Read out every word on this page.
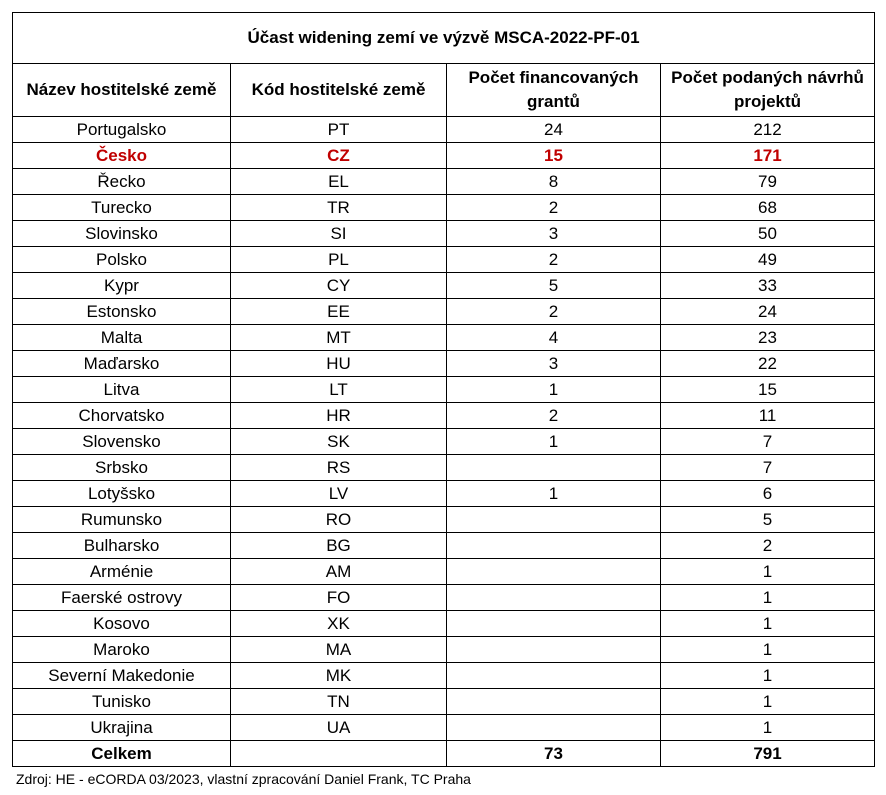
Účast widening zemí ve výzvě MSCA-2022-PF-01			
Název hostitelské země	Kód hostitelské země	Počet financovaných grantů	Počet podaných návrhů projektů
Portugalsko	PT	24	212
Česko	CZ	15	171
Řecko	EL	8	79
Turecko	TR	2	68
Slovinsko	SI	3	50
Polsko	PL	2	49
Kypr	CY	5	33
Estonsko	EE	2	24
Malta	MT	4	23
Maďarsko	HU	3	22
Litva	LT	1	15
Chorvatsko	HR	2	11
Slovensko	SK	1	7
Srbsko	RS		7
Lotyšsko	LV	1	6
Rumunsko	RO		5
Bulharsko	BG		2
Arménie	AM		1
Faerské ostrovy	FO		1
Kosovo	XK		1
Maroko	MA		1
Severní Makedonie	MK		1
Tunisko	TN		1
Ukrajina	UA		1
Celkem		73	791
Zdroj: HE - eCORDA 03/2023, vlastní zpracování Daniel Frank, TC Praha
